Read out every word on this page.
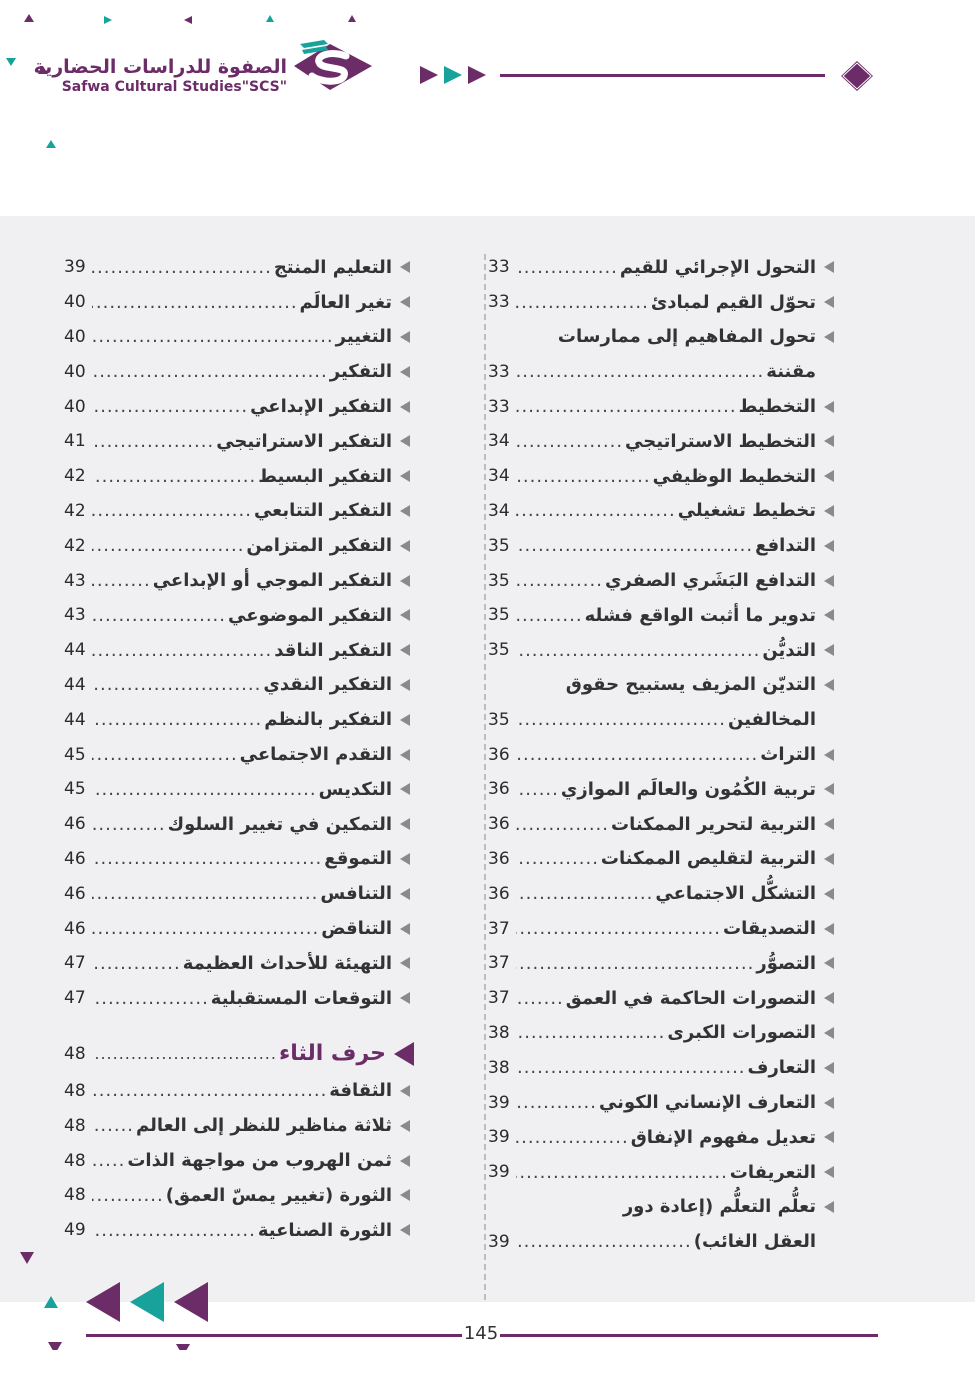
الصفوة للدراسات الحضارية
Safwa Cultural Studies"SCS"
التحول الإجرائي للقيم
.....
33
تحوّل القيم لمبادئ
.....
33
تحول المفاهيم إلى ممارسات
مقننة
.....
33
التخطيط
.....
33
التخطيط الاستراتيجي
.....
34
التخطيط الوظيفي
.....
34
تخطيط تشغيلي
.....
34
التدافع
.....
35
التدافع البَشَري الصفري
.....
35
تدوير ما أثبت الواقع فشله
.....
35
التديُّن
.....
35
التديّن المزيف يستبيح حقوق
المخالفين
.....
35
التراث
.....
36
تربية الكُمُون والعالَم الموازي
.....
36
التربية لتحرير الممكنات
.....
36
التربية لتقليص الممكنات
.....
36
التشكُّل الاجتماعي
.....
36
التصديقات
.....
37
التصوُّر
.....
37
التصورات الحاكمة في العمق
.....
37
التصورات الكبرى
.....
38
التعارف
.....
38
التعارف الإنساني الكوني
.....
39
تعديل مفهوم الإنفاق
.....
39
التعريفات
.....
39
تعلُّم التعلُّم (إعادة دور
العقل الغائب)
.....
39
التعليم المنتج
.....
39
تغير العالَم
.....
40
التغيير
.....
40
التفكير
.....
40
التفكير الإبداعي
.....
40
التفكير الاستراتيجي
.....
41
التفكير البسيط
.....
42
التفكير التتابعي
.....
42
التفكير المتزامن
.....
42
التفكير الموجي أو الإبداعي
.....
43
التفكير الموضوعي
.....
43
التفكير الناقد
.....
44
التفكير النقدي
.....
44
التفكير بالنظم
.....
44
التقدم الاجتماعي
.....
45
التكديس
.....
45
التمكين في تغيير السلوك
.....
46
التموقع
.....
46
التنافس
.....
46
التناقض
.....
46
التهيئة للأحداث العظيمة
.....
47
التوقعات المستقبلية
.....
47
حرف الثاء
.....
48
الثقافة
.....
48
ثلاثة مناظير للنظر إلى العالم
.....
48
ثمن الهروب من مواجهة الذات
.....
48
الثورة (تغيير يمسّ العمق)
.....
48
الثورة الصناعية
.....
49
145
